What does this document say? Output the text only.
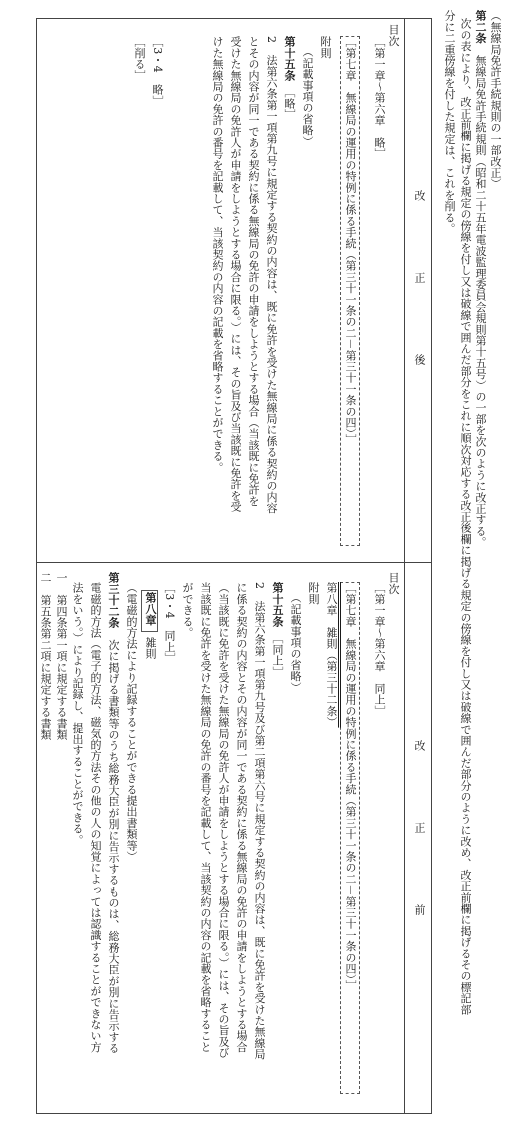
（無線局免許手続規則の一部改正）
第二条　無線局免許手続規則（昭和二十五年電波監理委員会規則第十五号）の一部を次のように改正する。
次の表により、改正前欄に掲げる規定の傍線を付し又は破線で囲んだ部分をこれに順次対応する改正後欄に掲げる規定の傍線を付し又は破線で囲んだ部分のように改め、改正前欄に掲げるその標記部
分に二重傍線を付した規定は、これを削る。
改　正　後
改　正　前
目次
［第一章～第六章　略］
［第七章　無線局の運用の特例に係る手続（第三十一条の二－第三十一条の四）］
附則
（記載事項の省略）
第十五条　［略］
2　法第六条第一項第九号に規定する契約の内容は、既に免許を受けた無線局に係る契約の内容
とその内容が同一である契約に係る無線局の免許の申請をしようとする場合（当該既に免許を
受けた無線局の免許人が申請をしようとする場合に限る。）には、その旨及び当該既に免許を受
けた無線局の免許の番号を記載して、当該契約の内容の記載を省略することができる。
［3・4　略］
［削る］
目次
［第一章～第六章　同上］
［第七章　無線局の運用の特例に係る手続（第三十一条の二－第三十一条の四）］
第八章　雑則（第三十二条）
附則
（記載事項の省略）
第十五条　［同上］
2　法第六条第一項第九号及び第二項第六号に規定する契約の内容は、既に免許を受けた無線局
に係る契約の内容とその内容が同一である契約に係る無線局の免許の申請をしようとする場合
（当該既に免許を受けた無線局の免許人が申請をしようとする場合に限る。）には、その旨及び
当該既に免許を受けた無線局の免許の番号を記載して、当該契約の内容の記載を省略すること
ができる。
［3・4　同上］
第八章　雑則
（電磁的方法により記録することができる提出書類等）
第三十二条　次に掲げる書類等のうち総務大臣が別に告示するものは、総務大臣が別に告示する
電磁的方法（電子的方法、磁気的方法その他の人の知覚によっては認識することができない方
法をいう。）により記録し、提出することができる。
一　第四条第一項に規定する書類
二　第五条第二項に規定する書類
